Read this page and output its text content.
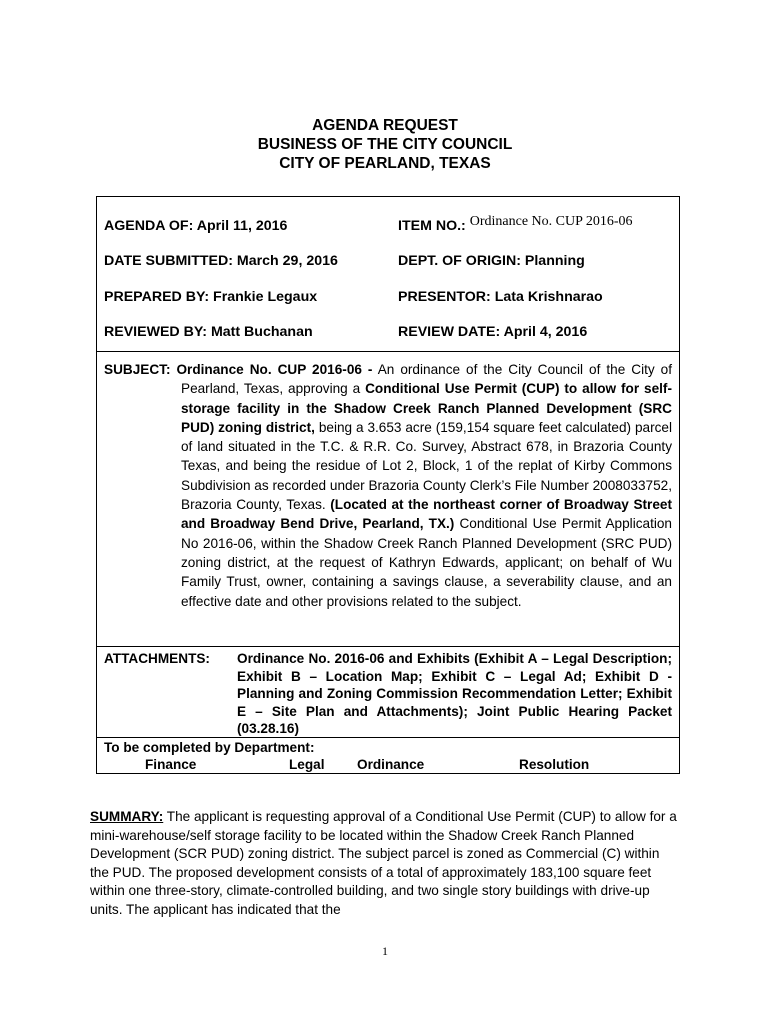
AGENDA REQUEST
BUSINESS OF THE CITY COUNCIL
CITY OF PEARLAND, TEXAS
AGENDA OF: April 11, 2016	ITEM NO.: Ordinance No. CUP 2016-06
DATE SUBMITTED: March 29, 2016	DEPT. OF ORIGIN: Planning
PREPARED BY: Frankie Legaux	PRESENTOR: Lata Krishnarao
REVIEWED BY: Matt Buchanan	REVIEW DATE: April 4, 2016

SUBJECT: Ordinance No. CUP 2016-06 - An ordinance of the City Council of the City of Pearland, Texas, approving a Conditional Use Permit (CUP) to allow for self-storage facility in the Shadow Creek Ranch Planned Development (SRC PUD) zoning district, being a 3.653 acre (159,154 square feet calculated) parcel of land situated in the T.C. & R.R. Co. Survey, Abstract 678, in Brazoria County Texas, and being the residue of Lot 2, Block, 1 of the replat of Kirby Commons Subdivision as recorded under Brazoria County Clerk’s File Number 2008033752, Brazoria County, Texas. (Located at the northeast corner of Broadway Street and Broadway Bend Drive, Pearland, TX.) Conditional Use Permit Application No 2016-06, within the Shadow Creek Ranch Planned Development (SRC PUD) zoning district, at the request of Kathryn Edwards, applicant; on behalf of Wu Family Trust, owner, containing a savings clause, a severability clause, and an effective date and other provisions related to the subject.

ATTACHMENTS: Ordinance No. 2016-06 and Exhibits (Exhibit A – Legal Description; Exhibit B – Location Map; Exhibit C – Legal Ad; Exhibit D - Planning and Zoning Commission Recommendation Letter; Exhibit E – Site Plan and Attachments); Joint Public Hearing Packet (03.28.16)
To be completed by Department:
Finance	Legal Ordinance	Resolution
SUMMARY: The applicant is requesting approval of a Conditional Use Permit (CUP) to allow for a mini-warehouse/self storage facility to be located within the Shadow Creek Ranch Planned Development (SCR PUD) zoning district. The subject parcel is zoned as Commercial (C) within the PUD. The proposed development consists of a total of approximately 183,100 square feet within one three-story, climate-controlled building, and two single story buildings with drive-up units. The applicant has indicated that the
1
